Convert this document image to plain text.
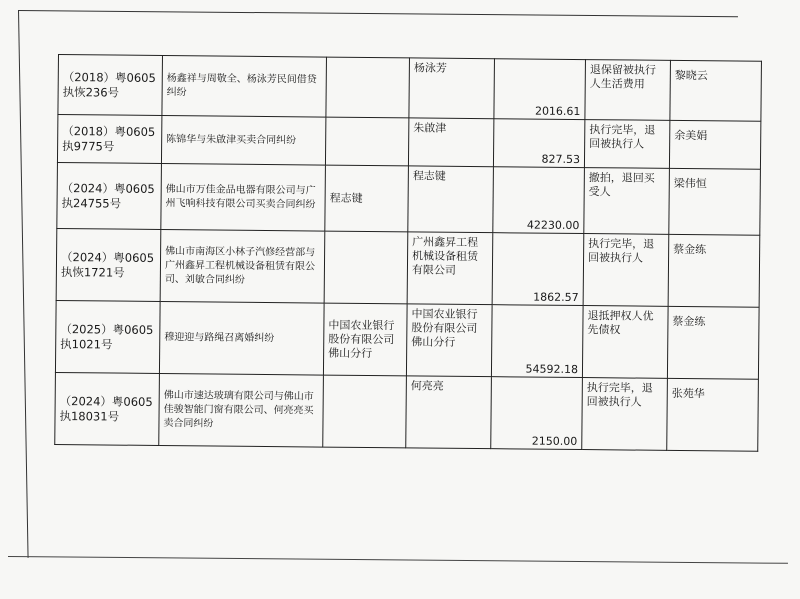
（2018）粤0605执恢236号	杨鑫祥与周敬全、杨泳芳民间借贷纠纷		杨泳芳	2016.61	退保留被执行人生活费用	黎晓云
（2018）粤0605执9775号	陈锦华与朱啟津买卖合同纠纷		朱啟津	827.53	执行完毕，退回被执行人	余美娟
（2024）粤0605执24755号	佛山市万佳金品电器有限公司与广州飞响科技有限公司买卖合同纠纷	程志键	程志键	42230.00	撤拍，退回买受人	梁伟恒
（2024）粤0605执恢1721号	佛山市南海区小林子汽修经营部与广州鑫昇工程机械设备租赁有限公司、刘敏合同纠纷		广州鑫昇工程机械设备租赁有限公司	1862.57	执行完毕，退回被执行人	蔡金练
（2025）粤0605执1021号	穆迎迎与路绳召离婚纠纷	中国农业银行股份有限公司佛山分行	中国农业银行股份有限公司佛山分行	54592.18	退抵押权人优先债权	蔡金练
（2024）粤0605执18031号	佛山市速达玻璃有限公司与佛山市佳骏智能门窗有限公司、何亮亮买卖合同纠纷		何亮亮	2150.00	执行完毕，退回被执行人	张苑华
